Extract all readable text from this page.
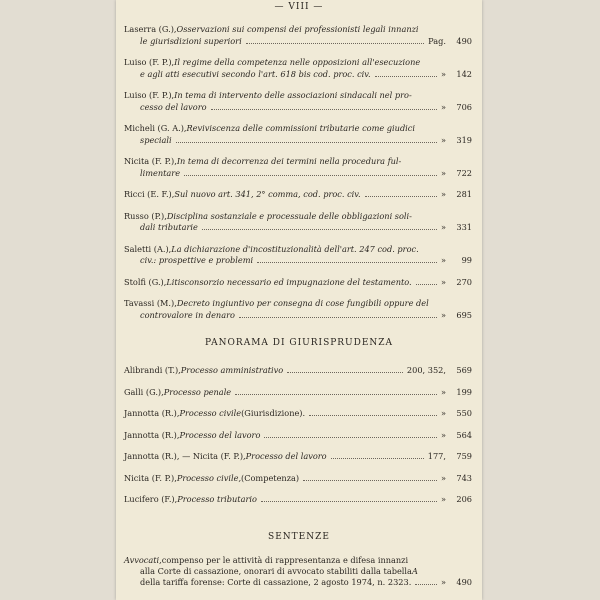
— VIII —
Laserra (G.), Osservazioni sui compensi dei professionisti legali innanzi
le giurisdizioni superiori	Pag. 490
Luiso (F. P.), Il regime della competenza nelle opposizioni all'esecuzione
e agli atti esecutivi secondo l'art. 618 bis cod. proc. civ.	» 142
Luiso (F. P.), In tema di intervento delle associazioni sindacali nel pro-
cesso del lavoro	» 706
Micheli (G. A.), Reviviscenza delle commissioni tributarie come giudici
speciali	» 319
Nicita (F. P.), In tema di decorrenza dei termini nella procedura ful-
limentare	» 722
Ricci (E. F.), Sul nuovo art. 341, 2° comma, cod. proc. civ.	» 281
Russo (P.), Disciplina sostanziale e processuale delle obbligazioni soli-
dali tributarie	» 331
Saletti (A.), La dichiarazione d'incostituzionalità dell'art. 247 cod. proc.
civ.: prospettive e problemi	»	99
Stolfi (G.), Litisconsorzio necessario ed impugnazione del testamento.	» 270
Tavassi (M.), Decreto ingiuntivo per consegna di cose fungibili oppure del
controvalore in denaro	» 695
PANORAMA DI GIURISPRUDENZA
Alibrandi (T.), Processo amministrativo	200, 352, 569
Galli (G.), Processo penale	» 199
Jannotta (R.), Processo civile (Giurisdizione).	» 550
Jannotta (R.), Processo del lavoro	» 564
Jannotta (R.), — Nicita (F. P.), Processo del lavoro	177, 759
Nicita (F. P.), Processo civile, (Competenza)	» 743
Lucifero (F.), Processo tributario	» 206
SENTENZE
Avvocati, compenso per le attività di rappresentanza e difesa innanzi
alla Corte di cassazione, onorari di avvocato stabiliti dalla tabella A
della tariffa forense: Corte di cassazione, 2 agosto 1974, n. 2323.	» 490
